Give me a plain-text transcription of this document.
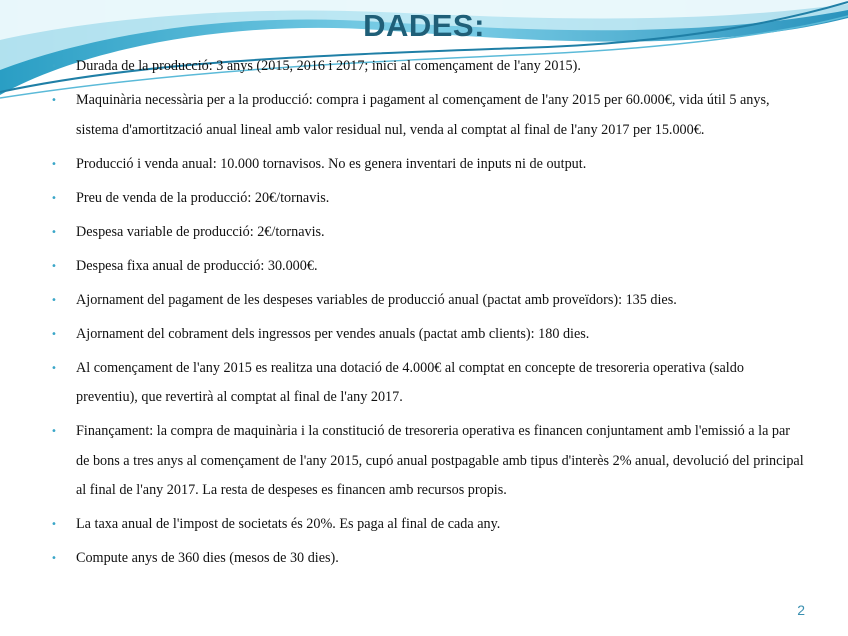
DADES:
• Durada de la producció: 3 anys (2015, 2016 i 2017; inici al començament de l'any 2015).
• Maquinària necessària per a la producció: compra i pagament al començament de l'any 2015 per 60.000€, vida útil 5 anys, sistema d'amortització anual lineal amb valor residual nul, venda al comptat al final de l'any 2017 per 15.000€.
• Producció i venda anual: 10.000 tornavisos. No es genera inventari de inputs ni de output.
• Preu de venda de la producció: 20€/tornavis.
• Despesa variable de producció: 2€/tornavis.
• Despesa fixa anual de producció: 30.000€.
• Ajornament del pagament de les despeses variables de producció anual (pactat amb proveïdors): 135 dies.
• Ajornament del cobrament dels ingressos per vendes anuals (pactat amb clients): 180 dies.
• Al començament de l'any 2015 es realitza una dotació de 4.000€ al comptat en concepte de tresoreria operativa (saldo preventiu), que revertirà al comptat al final de l'any 2017.
• Finançament: la compra de maquinària i la constitució de tresoreria operativa es financen conjuntament amb l'emissió a la par de bons a tres anys al començament de l'any 2015, cupó anual postpagable amb tipus d'interès 2% anual, devolució del principal al final de l'any 2017. La resta de despeses es financen amb recursos propis.
• La taxa anual de l'impost de societats és 20%. Es paga al final de cada any.
• Compute anys de 360 dies (mesos de 30 dies).
2
